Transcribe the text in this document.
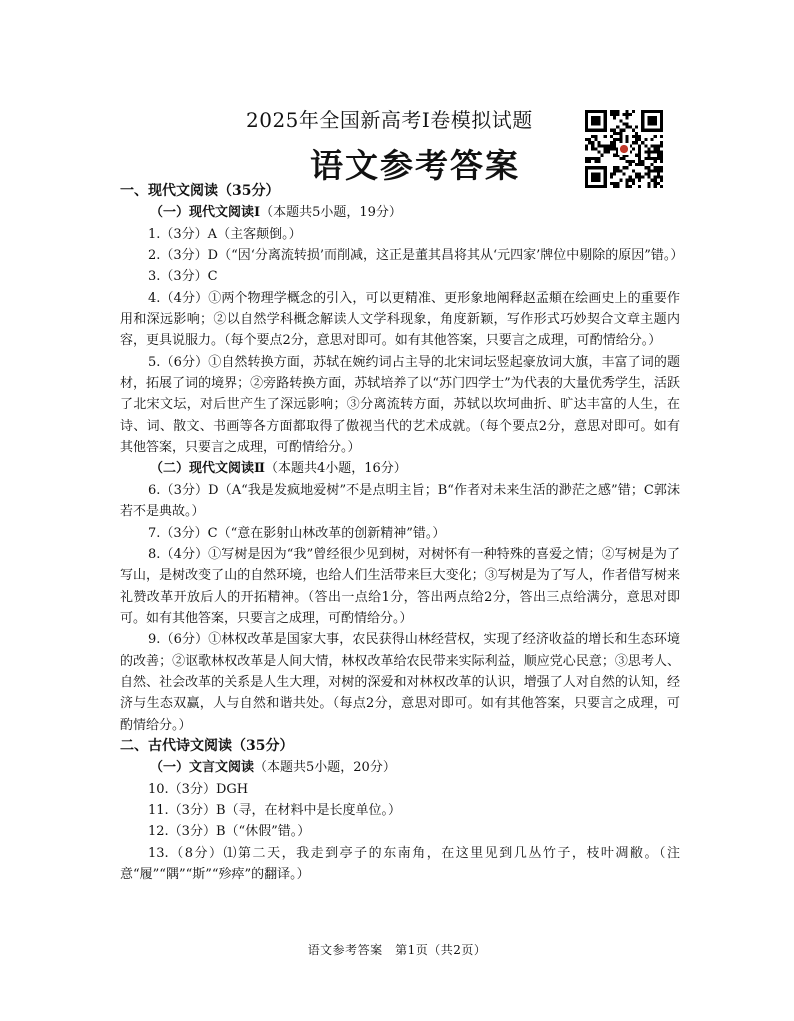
2025年全国新高考Ⅰ卷模拟试题
语文参考答案

一、现代文阅读（35分）

（一）现代文阅读Ⅰ（本题共5小题，19分）

1.（3分）A（主客颠倒。）

2.（3分）D（“因‘分离流转损’而削减，这正是董其昌将其从‘元四家’牌位中剔除的原因”错。）

3.（3分）C

4.（4分）①两个物理学概念的引入，可以更精准、更形象地阐释赵孟頫在绘画史上的重要作用和深远影响；②以自然学科概念解读人文学科现象，角度新颖，写作形式巧妙契合文章主题内容，更具说服力。（每个要点2分，意思对即可。如有其他答案，只要言之成理，可酌情给分。）

5.（6分）①自然转换方面，苏轼在婉约词占主导的北宋词坛竖起豪放词大旗，丰富了词的题材，拓展了词的境界；②旁路转换方面，苏轼培养了以“苏门四学士”为代表的大量优秀学生，活跃了北宋文坛，对后世产生了深远影响；③分离流转方面，苏轼以坎坷曲折、旷达丰富的人生，在诗、词、散文、书画等各方面都取得了傲视当代的艺术成就。（每个要点2分，意思对即可。如有其他答案，只要言之成理，可酌情给分。）

（二）现代文阅读Ⅱ（本题共4小题，16分）

6.（3分）D（A“我是发疯地爱树”不是点明主旨；B“作者对未来生活的渺茫之感”错；C郭沫若不是典故。）

7.（3分）C（“意在影射山林改革的创新精神”错。）

8.（4分）①写树是因为“我”曾经很少见到树，对树怀有一种特殊的喜爱之情；②写树是为了写山，是树改变了山的自然环境，也给人们生活带来巨大变化；③写树是为了写人，作者借写树来礼赞改革开放后人的开拓精神。（答出一点给1分，答出两点给2分，答出三点给满分，意思对即可。如有其他答案，只要言之成理，可酌情给分。）

9.（6分）①林权改革是国家大事，农民获得山林经营权，实现了经济收益的增长和生态环境的改善；②讴歌林权改革是人间大情，林权改革给农民带来实际利益，顺应党心民意；③思考人、自然、社会改革的关系是人生大理，对树的深爱和对林权改革的认识，增强了人对自然的认知，经济与生态双赢，人与自然和谐共处。（每点2分，意思对即可。如有其他答案，只要言之成理，可酌情给分。）

二、古代诗文阅读（35分）

（一）文言文阅读（本题共5小题，20分）

10.（3分）DGH

11.（3分）B（寻，在材料中是长度单位。）

12.（3分）B（“休假”错。）

13.（8分）⑴第二天，我走到亭子的东南角，在这里见到几丛竹子，枝叶凋敝。（注意“履”“隅”“斯”“殄瘁”的翻译。）

语文参考答案　第1页（共2页）
